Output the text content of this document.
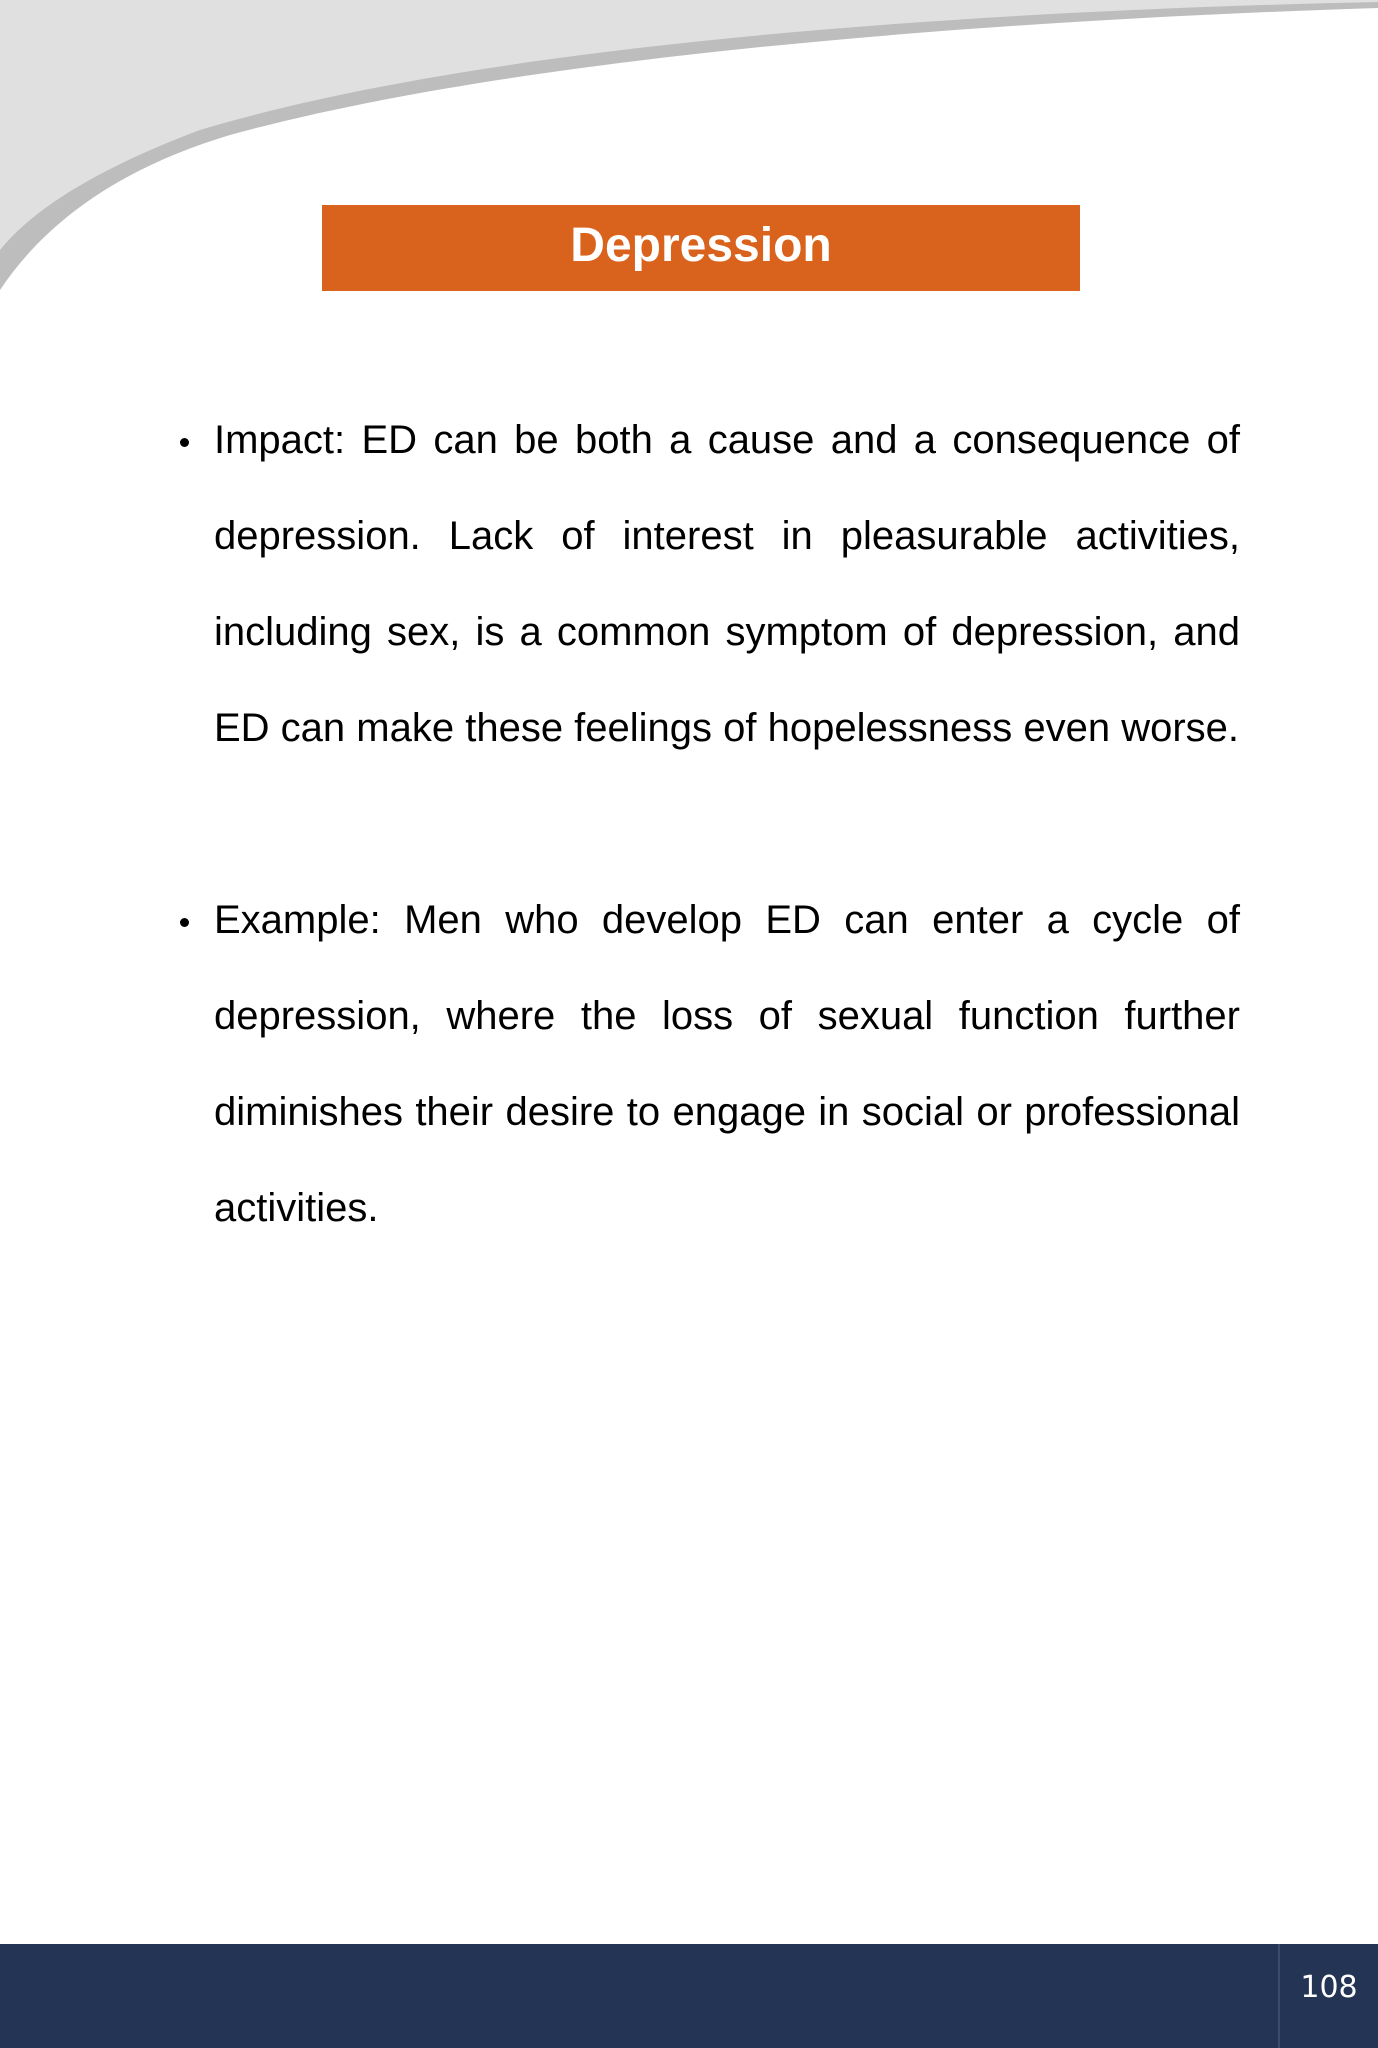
Depression

Impact: ED can be both a cause and a consequence of depression. Lack of interest in pleasurable activities, including sex, is a common symptom of depression, and ED can make these feelings of hopelessness even worse.

Example: Men who develop ED can enter a cycle of depression, where the loss of sexual function further diminishes their desire to engage in social or professional activities.

108
